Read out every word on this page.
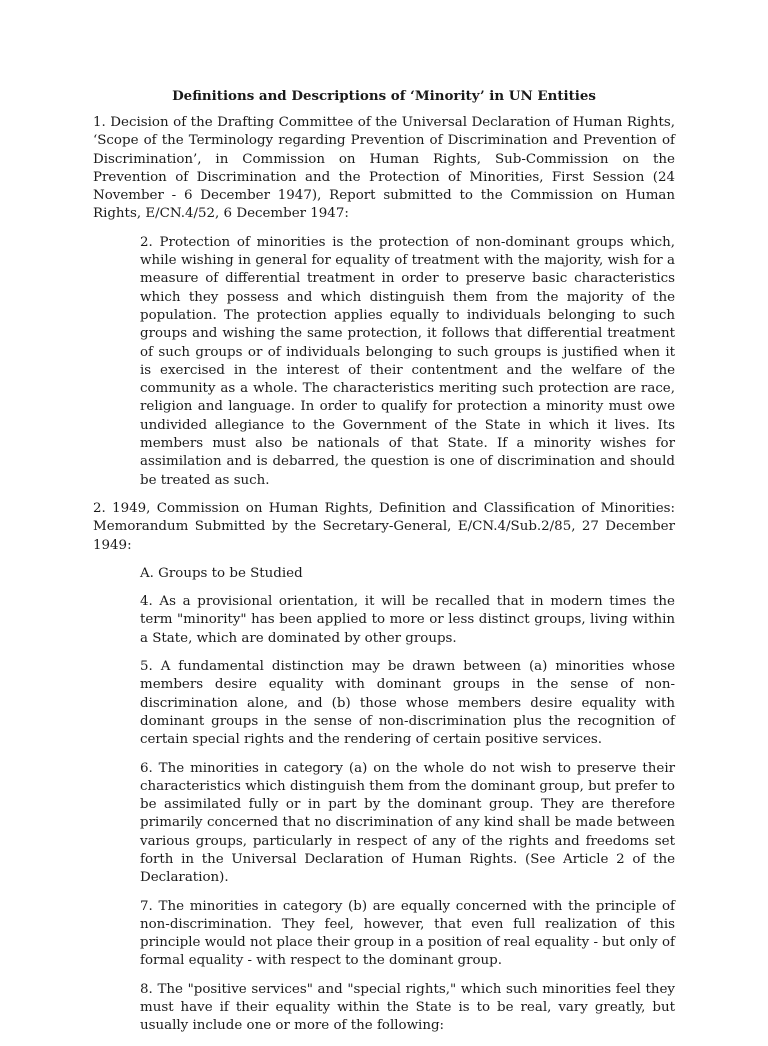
Definitions and Descriptions of ‘Minority’ in UN Entities

1. Decision of the Drafting Committee of the Universal Declaration of Human Rights, ‘Scope of the Terminology regarding Prevention of Discrimination and Prevention of Discrimination’, in Commission on Human Rights, Sub-Commission on the Prevention of Discrimination and the Protection of Minorities, First Session (24 November - 6 December 1947), Report submitted to the Commission on Human Rights, E/CN.4/52, 6 December 1947:

2. Protection of minorities is the protection of non-dominant groups which, while wishing in general for equality of treatment with the majority, wish for a measure of differential treatment in order to preserve basic characteristics which they possess and which distinguish them from the majority of the population. The protection applies equally to individuals belonging to such groups and wishing the same protection, it follows that differential treatment of such groups or of individuals belonging to such groups is justified when it is exercised in the interest of their contentment and the welfare of the community as a whole. The characteristics meriting such protection are race, religion and language. In order to qualify for protection a minority must owe undivided allegiance to the Government of the State in which it lives. Its members must also be nationals of that State. If a minority wishes for assimilation and is debarred, the question is one of discrimination and should be treated as such.

2. 1949, Commission on Human Rights, Definition and Classification of Minorities: Memorandum Submitted by the Secretary-General, E/CN.4/Sub.2/85, 27 December 1949:

A. Groups to be Studied

4. As a provisional orientation, it will be recalled that in modern times the term "minority" has been applied to more or less distinct groups, living within a State, which are dominated by other groups.

5. A fundamental distinction may be drawn between (a) minorities whose members desire equality with dominant groups in the sense of non-discrimination alone, and (b) those whose members desire equality with dominant groups in the sense of non-discrimination plus the recognition of certain special rights and the rendering of certain positive services.

6. The minorities in category (a) on the whole do not wish to preserve their characteristics which distinguish them from the dominant group, but prefer to be assimilated fully or in part by the dominant group. They are therefore primarily concerned that no discrimination of any kind shall be made between various groups, particularly in respect of any of the rights and freedoms set forth in the Universal Declaration of Human Rights. (See Article 2 of the Declaration).

7. The minorities in category (b) are equally concerned with the principle of non-discrimination. They feel, however, that even full realization of this principle would not place their group in a position of real equality - but only of formal equality - with respect to the dominant group.

8. The "positive services" and "special rights," which such minorities feel they must have if their equality within the State is to be real, vary greatly, but usually include one or more of the following:
